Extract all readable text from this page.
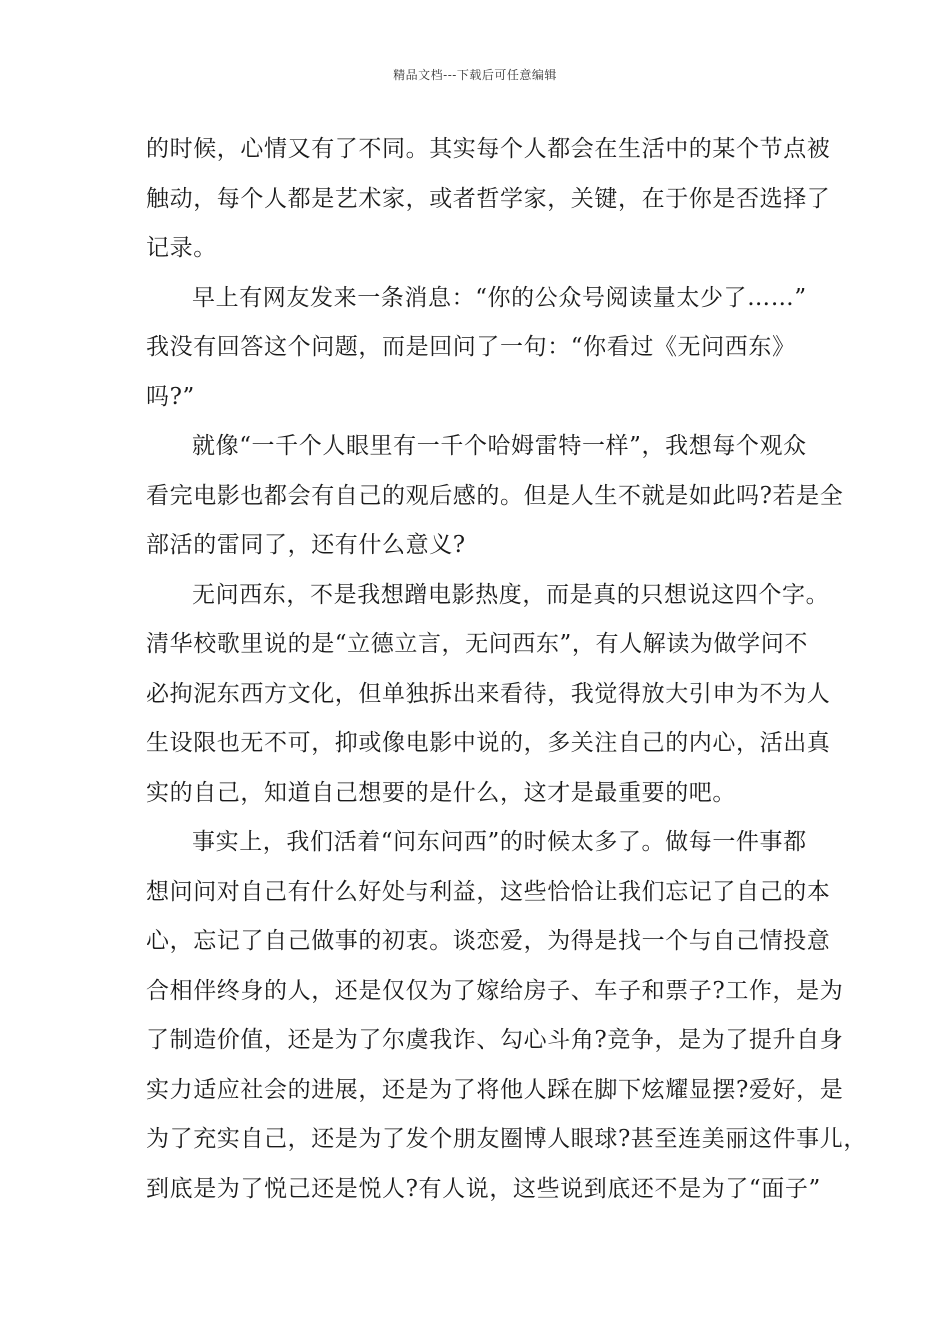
精品文档---下载后可任意编辑
的时候，心情又有了不同。其实每个人都会在生活中的某个节点被
触动，每个人都是艺术家，或者哲学家，关键，在于你是否选择了
记录。
早上有网友发来一条消息：“你的公众号阅读量太少了……”
我没有回答这个问题，而是回问了一句：“你看过《无问西东》
吗?”
就像“一千个人眼里有一千个哈姆雷特一样”，我想每个观众
看完电影也都会有自己的观后感的。但是人生不就是如此吗?若是全
部活的雷同了，还有什么意义?
无问西东，不是我想蹭电影热度，而是真的只想说这四个字。
清华校歌里说的是“立德立言，无问西东”，有人解读为做学问不
必拘泥东西方文化，但单独拆出来看待，我觉得放大引申为不为人
生设限也无不可，抑或像电影中说的，多关注自己的内心，活出真
实的自己，知道自己想要的是什么，这才是最重要的吧。
事实上，我们活着“问东问西”的时候太多了。做每一件事都
想问问对自己有什么好处与利益，这些恰恰让我们忘记了自己的本
心，忘记了自己做事的初衷。谈恋爱，为得是找一个与自己情投意
合相伴终身的人，还是仅仅为了嫁给房子、车子和票子?工作，是为
了制造价值，还是为了尔虞我诈、勾心斗角?竞争，是为了提升自身
实力适应社会的进展，还是为了将他人踩在脚下炫耀显摆?爱好，是
为了充实自己，还是为了发个朋友圈博人眼球?甚至连美丽这件事儿，
到底是为了悦己还是悦人?有人说，这些说到底还不是为了“面子”
